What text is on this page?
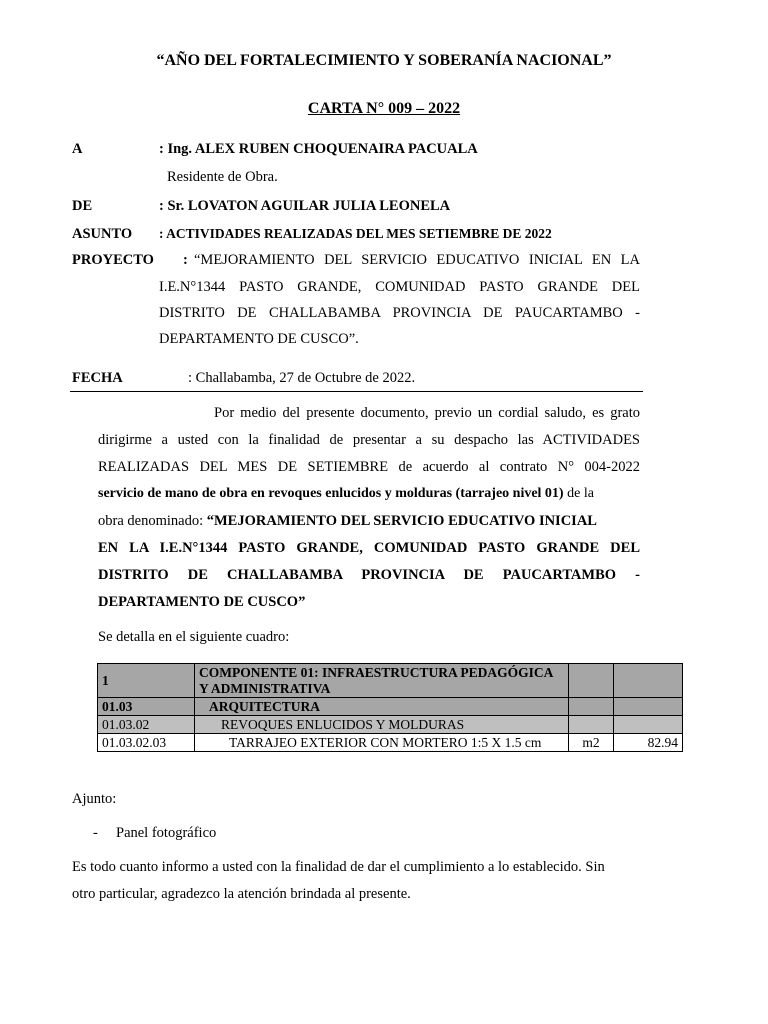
“AÑO DEL FORTALECIMIENTO Y SOBERANÍA NACIONAL”
CARTA N° 009 – 2022
A	: Ing. ALEX RUBEN CHOQUENAIRA PACUALA
Residente de Obra.
DE	: Sr. LOVATON AGUILAR JULIA LEONELA
ASUNTO : ACTIVIDADES REALIZADAS DEL MES SETIEMBRE DE 2022
PROYECTO : “MEJORAMIENTO DEL SERVICIO EDUCATIVO INICIAL EN LA
I.E.N°1344 PASTO GRANDE, COMUNIDAD PASTO GRANDE DEL
DISTRITO DE CHALLABAMBA PROVINCIA DE PAUCARTAMBO -
DEPARTAMENTO DE CUSCO”.
FECHA	: Challabamba, 27 de Octubre de 2022.
Por medio del presente documento, previo un cordial saludo, es grato
dirigirme a usted con la finalidad de presentar a su despacho las ACTIVIDADES
REALIZADAS DEL MES DE SETIEMBRE de acuerdo al contrato N° 004-2022
servicio de mano de obra en revoques enlucidos y molduras (tarrajeo nivel 01) de la
obra denominado: “MEJORAMIENTO DEL SERVICIO EDUCATIVO INICIAL
EN LA I.E.N°1344 PASTO GRANDE, COMUNIDAD PASTO GRANDE DEL
DISTRITO DE CHALLABAMBA PROVINCIA DE PAUCARTAMBO -
DEPARTAMENTO DE CUSCO”
Se detalla en el siguiente cuadro:
1	COMPONENTE 01: INFRAESTRUCTURA PEDAGÓGICA Y ADMINISTRATIVA		
01.03	ARQUITECTURA		
01.03.02	REVOQUES ENLUCIDOS Y MOLDURAS		
01.03.02.03	TARRAJEO EXTERIOR CON MORTERO 1:5 X 1.5 cm	m2	82.94
Ajunto:
- Panel fotográfico
Es todo cuanto informo a usted con la finalidad de dar el cumplimiento a lo establecido. Sin
otro particular, agradezco la atención brindada al presente.
